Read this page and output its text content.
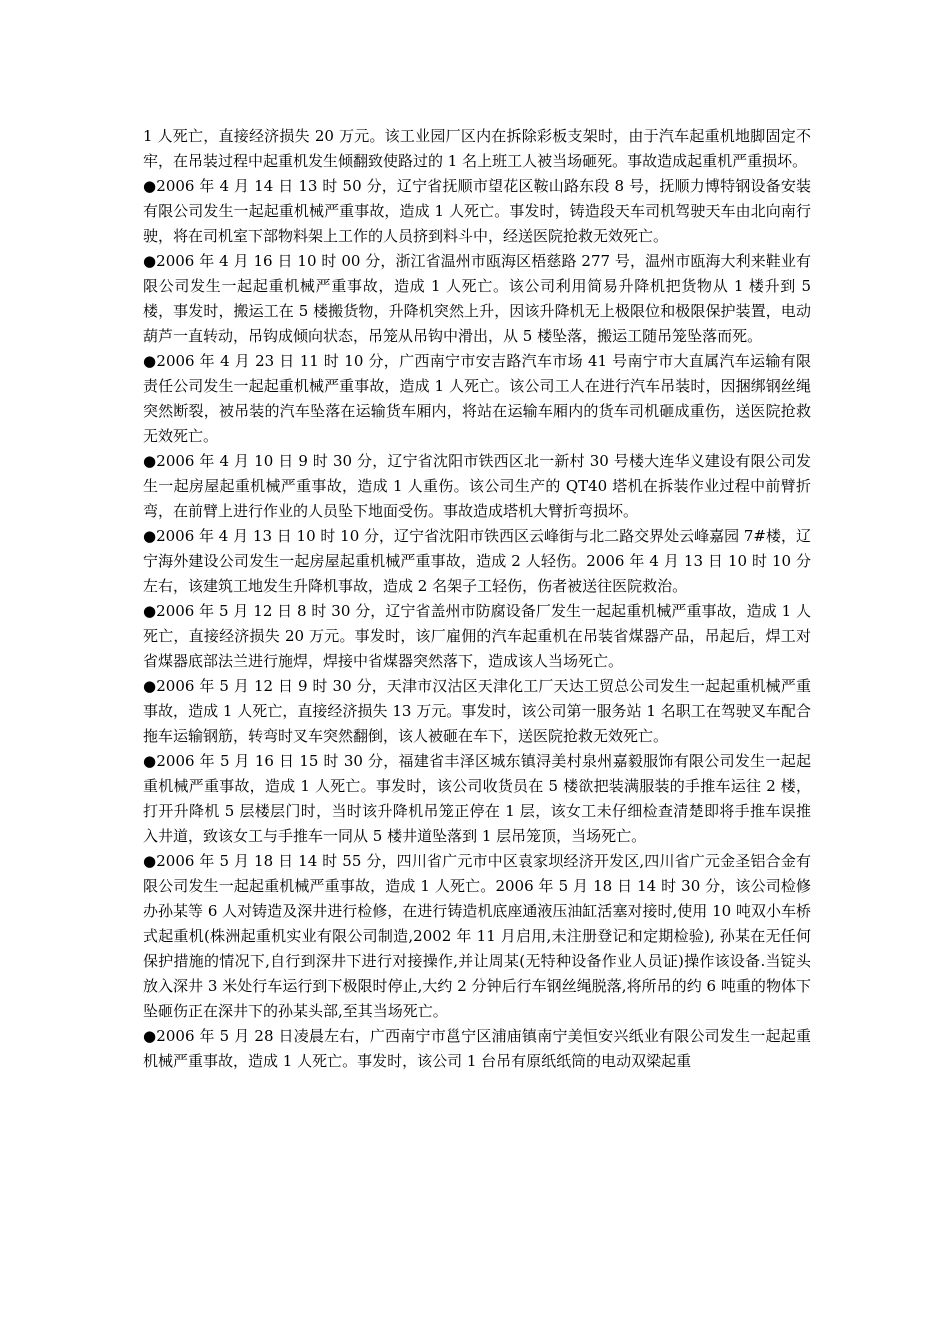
1 人死亡，直接经济损失 20 万元。该工业园厂区内在拆除彩板支架时，由于汽车起重机地脚固定不牢，在吊装过程中起重机发生倾翻致使路过的 1 名上班工人被当场砸死。事故造成起重机严重损坏。

●2006 年 4 月 14 日 13 时 50 分，辽宁省抚顺市望花区鞍山路东段 8 号，抚顺力博特钢设备安装有限公司发生一起起重机械严重事故，造成 1 人死亡。事发时，铸造段天车司机驾驶天车由北向南行驶，将在司机室下部物料架上工作的人员挤到料斗中，经送医院抢救无效死亡。

●2006 年 4 月 16 日 10 时 00 分，浙江省温州市瓯海区梧慈路 277 号，温州市瓯海大利来鞋业有限公司发生一起起重机械严重事故，造成 1 人死亡。该公司利用简易升降机把货物从 1 楼升到 5 楼，事发时，搬运工在 5 楼搬货物，升降机突然上升，因该升降机无上极限位和极限保护装置，电动葫芦一直转动，吊钩成倾向状态，吊笼从吊钩中滑出，从 5 楼坠落，搬运工随吊笼坠落而死。

●2006 年 4 月 23 日 11 时 10 分，广西南宁市安吉路汽车市场 41 号南宁市大直属汽车运输有限责任公司发生一起起重机械严重事故，造成 1 人死亡。该公司工人在进行汽车吊装时，因捆绑钢丝绳突然断裂，被吊装的汽车坠落在运输货车厢内，将站在运输车厢内的货车司机砸成重伤，送医院抢救无效死亡。

●2006 年 4 月 10 日 9 时 30 分，辽宁省沈阳市铁西区北一新村 30 号楼大连华义建设有限公司发生一起房屋起重机械严重事故，造成 1 人重伤。该公司生产的 QT40 塔机在拆装作业过程中前臂折弯，在前臂上进行作业的人员坠下地面受伤。事故造成塔机大臂折弯损坏。

●2006 年 4 月 13 日 10 时 10 分，辽宁省沈阳市铁西区云峰街与北二路交界处云峰嘉园 7#楼，辽宁海外建设公司发生一起房屋起重机械严重事故，造成 2 人轻伤。2006 年 4 月 13 日 10 时 10 分左右，该建筑工地发生升降机事故，造成 2 名架子工轻伤，伤者被送往医院救治。

●2006 年 5 月 12 日 8 时 30 分，辽宁省盖州市防腐设备厂发生一起起重机械严重事故，造成 1 人死亡，直接经济损失 20 万元。事发时，该厂雇佣的汽车起重机在吊装省煤器产品，吊起后，焊工对省煤器底部法兰进行施焊，焊接中省煤器突然落下，造成该人当场死亡。

●2006 年 5 月 12 日 9 时 30 分，天津市汉沽区天津化工厂天达工贸总公司发生一起起重机械严重事故，造成 1 人死亡，直接经济损失 13 万元。事发时，该公司第一服务站 1 名职工在驾驶叉车配合拖车运输钢筋，转弯时叉车突然翻倒，该人被砸在车下，送医院抢救无效死亡。

●2006 年 5 月 16 日 15 时 30 分，福建省丰泽区城东镇浔美村泉州嘉毅服饰有限公司发生一起起重机械严重事故，造成 1 人死亡。事发时，该公司收货员在 5 楼欲把装满服装的手推车运往 2 楼，打开升降机 5 层楼层门时，当时该升降机吊笼正停在 1 层，该女工未仔细检查清楚即将手推车误推入井道，致该女工与手推车一同从 5 楼井道坠落到 1 层吊笼顶，当场死亡。

●2006 年 5 月 18 日 14 时 55 分，四川省广元市中区袁家坝经济开发区,四川省广元金圣铝合金有限公司发生一起起重机械严重事故，造成 1 人死亡。2006 年 5 月 18 日 14 时 30 分，该公司检修办孙某等 6 人对铸造及深井进行检修，在进行铸造机底座通液压油缸活塞对接时,使用 10 吨双小车桥式起重机(株洲起重机实业有限公司制造,2002 年 11 月启用,未注册登记和定期检验), 孙某在无任何保护措施的情况下,自行到深井下进行对接操作,并让周某(无特种设备作业人员证)操作该设备.当锭头放入深井 3 米处行车运行到下极限时停止,大约 2 分钟后行车钢丝绳脱落,将所吊的约 6 吨重的物体下坠砸伤正在深井下的孙某头部,至其当场死亡。

●2006 年 5 月 28 日凌晨左右，广西南宁市邕宁区浦庙镇南宁美恒安兴纸业有限公司发生一起起重机械严重事故，造成 1 人死亡。事发时，该公司 1 台吊有原纸纸筒的电动双梁起重
